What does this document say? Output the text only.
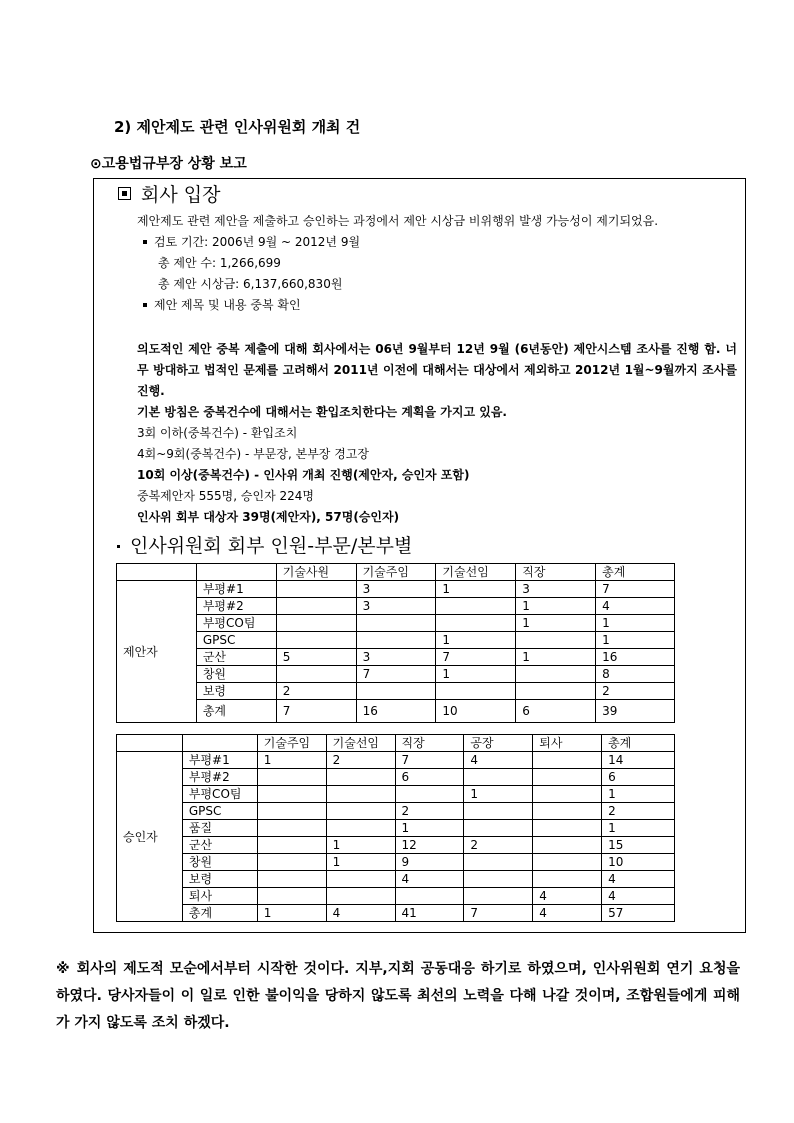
2) 제안제도 관련 인사위원회 개최 건
⊙고용법규부장 상황 보고
회사 입장
제안제도 관련 제안을 제출하고 승인하는 과정에서 제안 시상금 비위행위 발생 가능성이 제기되었음.
검토 기간: 2006년 9월 ~ 2012년 9월
총 제안 수: 1,266,699
총 제안 시상금: 6,137,660,830원
제안 제목 및 내용 중복 확인
의도적인 제안 중복 제출에 대해 회사에서는 06년 9월부터 12년 9월 (6년동안) 제안시스템 조사를 진행 함. 너무 방대하고 법적인 문제를 고려해서 2011년 이전에 대해서는 대상에서 제외하고 2012년 1월~9월까지 조사를 진행.
기본 방침은 중복건수에 대해서는 환입조치한다는 계획을 가지고 있음.
3회 이하(중복건수) - 환입조치
4회~9회(중복건수) - 부문장, 본부장 경고장
10회 이상(중복건수) - 인사위 개최 진행(제안자, 승인자 포함)
중복제안자 555명, 승인자 224명
인사위 회부 대상자 39명(제안자), 57명(승인자)
인사위원회 회부 인원-부문/본부별
		기술사원	기술주임	기술선임	직장	총계
제안자	부평#1		3	1	3	7
	부평#2		3		1	4
	부평CO팀				1	1
	GPSC			1		1
	군산	5	3	7	1	16
	창원		7	1		8
	보령	2				2
	총계	7	16	10	6	39
		기술주임	기술선임	직장	공장	퇴사	총계
승인자	부평#1	1	2	7	4		14
	부평#2			6			6
	부평CO팀				1		1
	GPSC			2			2
	품질			1			1
	군산		1	12	2		15
	창원		1	9			10
	보령			4			4
	퇴사					4	4
	총계	1	4	41	7	4	57
※ 회사의 제도적 모순에서부터 시작한 것이다. 지부,지회 공동대응 하기로 하였으며, 인사위원회 연기 요청을 하였다. 당사자들이 이 일로 인한 불이익을 당하지 않도록 최선의 노력을 다해 나갈 것이며, 조합원들에게 피해가 가지 않도록 조치 하겠다.
